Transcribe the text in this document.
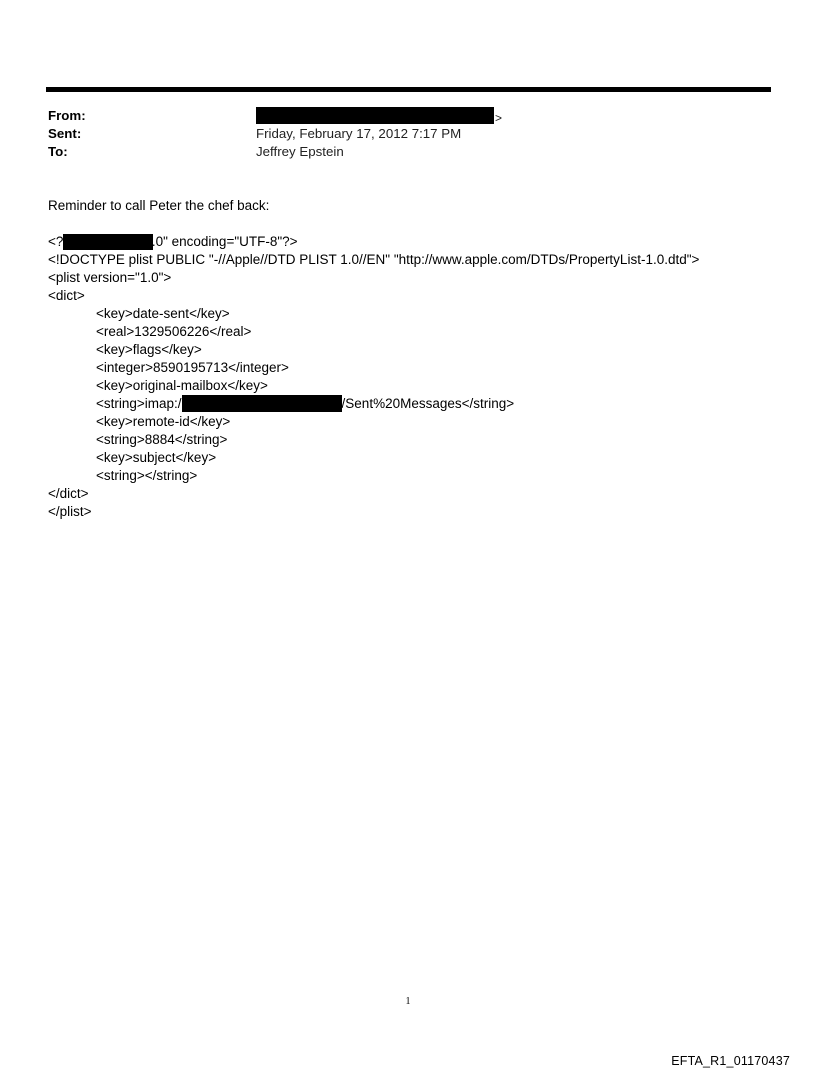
From:	>
Sent:	Friday, February 17, 2012 7:17 PM
To:	Jeffrey Epstein
Reminder to call Peter the chef back:

<?xml version="1.0" encoding="UTF-8"?>
<!DOCTYPE plist PUBLIC "-//Apple//DTD PLIST 1.0//EN" "http://www.apple.com/DTDs/PropertyList-1.0.dtd">
<plist version="1.0">
<dict>
<key>date-sent</key>
<real>1329506226</real>
<key>flags</key>
<integer>8590195713</integer>
<key>original-mailbox</key>
<string>imap:/	/Sent%20Messages</string>
<key>remote-id</key>
<string>8884</string>
<key>subject</key>
<string></string>
</dict>
</plist>
1
EFTA_R1_01170437
